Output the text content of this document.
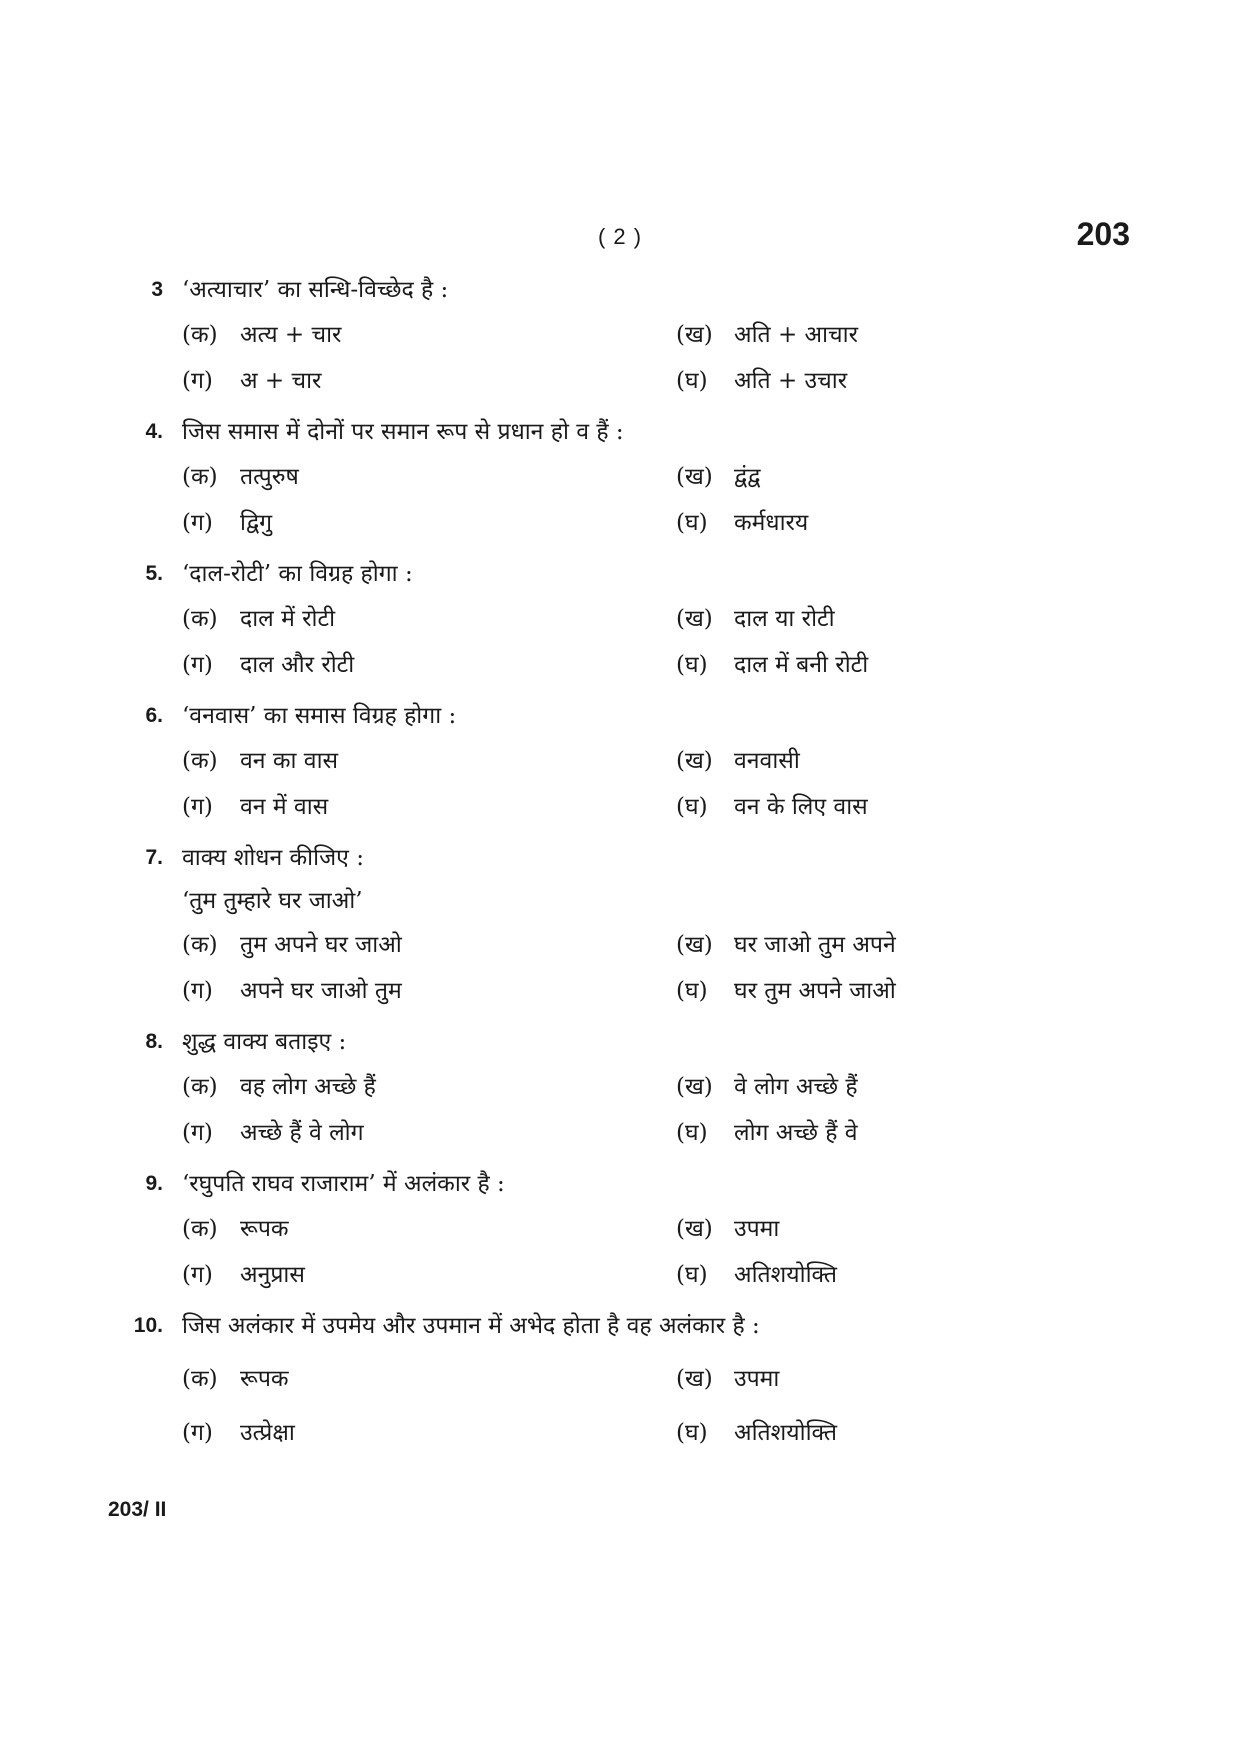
( 2 )	203
3 ‘अत्याचार’ का सन्धि-विच्छेद है :
(क) अत्य + चार	(ख) अति + आचार
(ग) अ + चार	(घ) अति + उचार
4. जिस समास में दोनों पर समान रूप से प्रधान हो व हैं :
(क) तत्पुरुष	(ख) द्वंद्व
(ग) द्विगु	(घ) कर्मधारय
5. ‘दाल-रोटी’ का विग्रह होगा :
(क) दाल में रोटी	(ख) दाल या रोटी
(ग) दाल और रोटी	(घ) दाल में बनी रोटी
6. ‘वनवास’ का समास विग्रह होगा :
(क) वन का वास	(ख) वनवासी
(ग) वन में वास	(घ) वन के लिए वास
7. वाक्य शोधन कीजिए :
‘तुम तुम्हारे घर जाओ’
(क) तुम अपने घर जाओ	(ख) घर जाओ तुम अपने
(ग) अपने घर जाओ तुम	(घ) घर तुम अपने जाओ
8. शुद्ध वाक्य बताइए :
(क) वह लोग अच्छे हैं	(ख) वे लोग अच्छे हैं
(ग) अच्छे हैं वे लोग	(घ) लोग अच्छे हैं वे
9. ‘रघुपति राघव राजाराम’ में अलंकार है :
(क) रूपक	(ख) उपमा
(ग) अनुप्रास	(घ) अतिशयोक्ति
10. जिस अलंकार में उपमेय और उपमान में अभेद होता है वह अलंकार है :
(क) रूपक	(ख) उपमा
(ग) उत्प्रेक्षा	(घ) अतिशयोक्ति
203/ II
